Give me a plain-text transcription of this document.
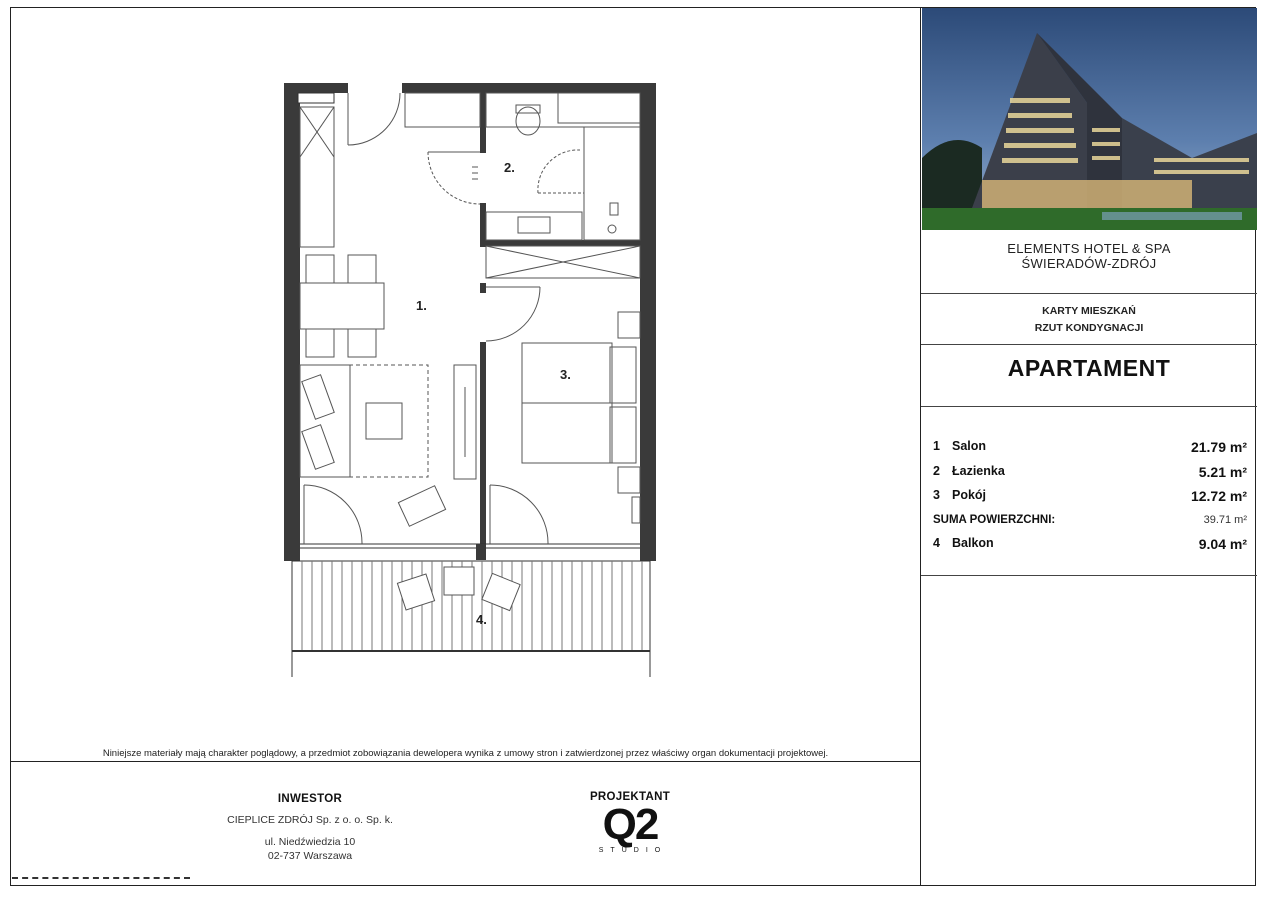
1.
2.
3.
4.
Niniejsze materiały mają charakter poglądowy, a przedmiot zobowiązania dewelopera wynika z umowy stron i zatwierdzonej przez właściwy organ dokumentacji projektowej.
INWESTOR
CIEPLICE ZDRÓJ Sp. z o. o. Sp. k.
ul. Niedźwiedzia 10
02-737 Warszawa
PROJEKTANT
Q2
STUDIO
ELEMENTS HOTEL & SPA
ŚWIERADÓW-ZDRÓJ
KARTY MIESZKAŃ
RZUT KONDYGNACJI
APARTAMENT
1 Salon	21.79 m²
2 Łazienka	5.21 m²
3 Pokój	12.72 m²
SUMA POWIERZCHNI:	39.71 m²
4 Balkon	9.04 m²
